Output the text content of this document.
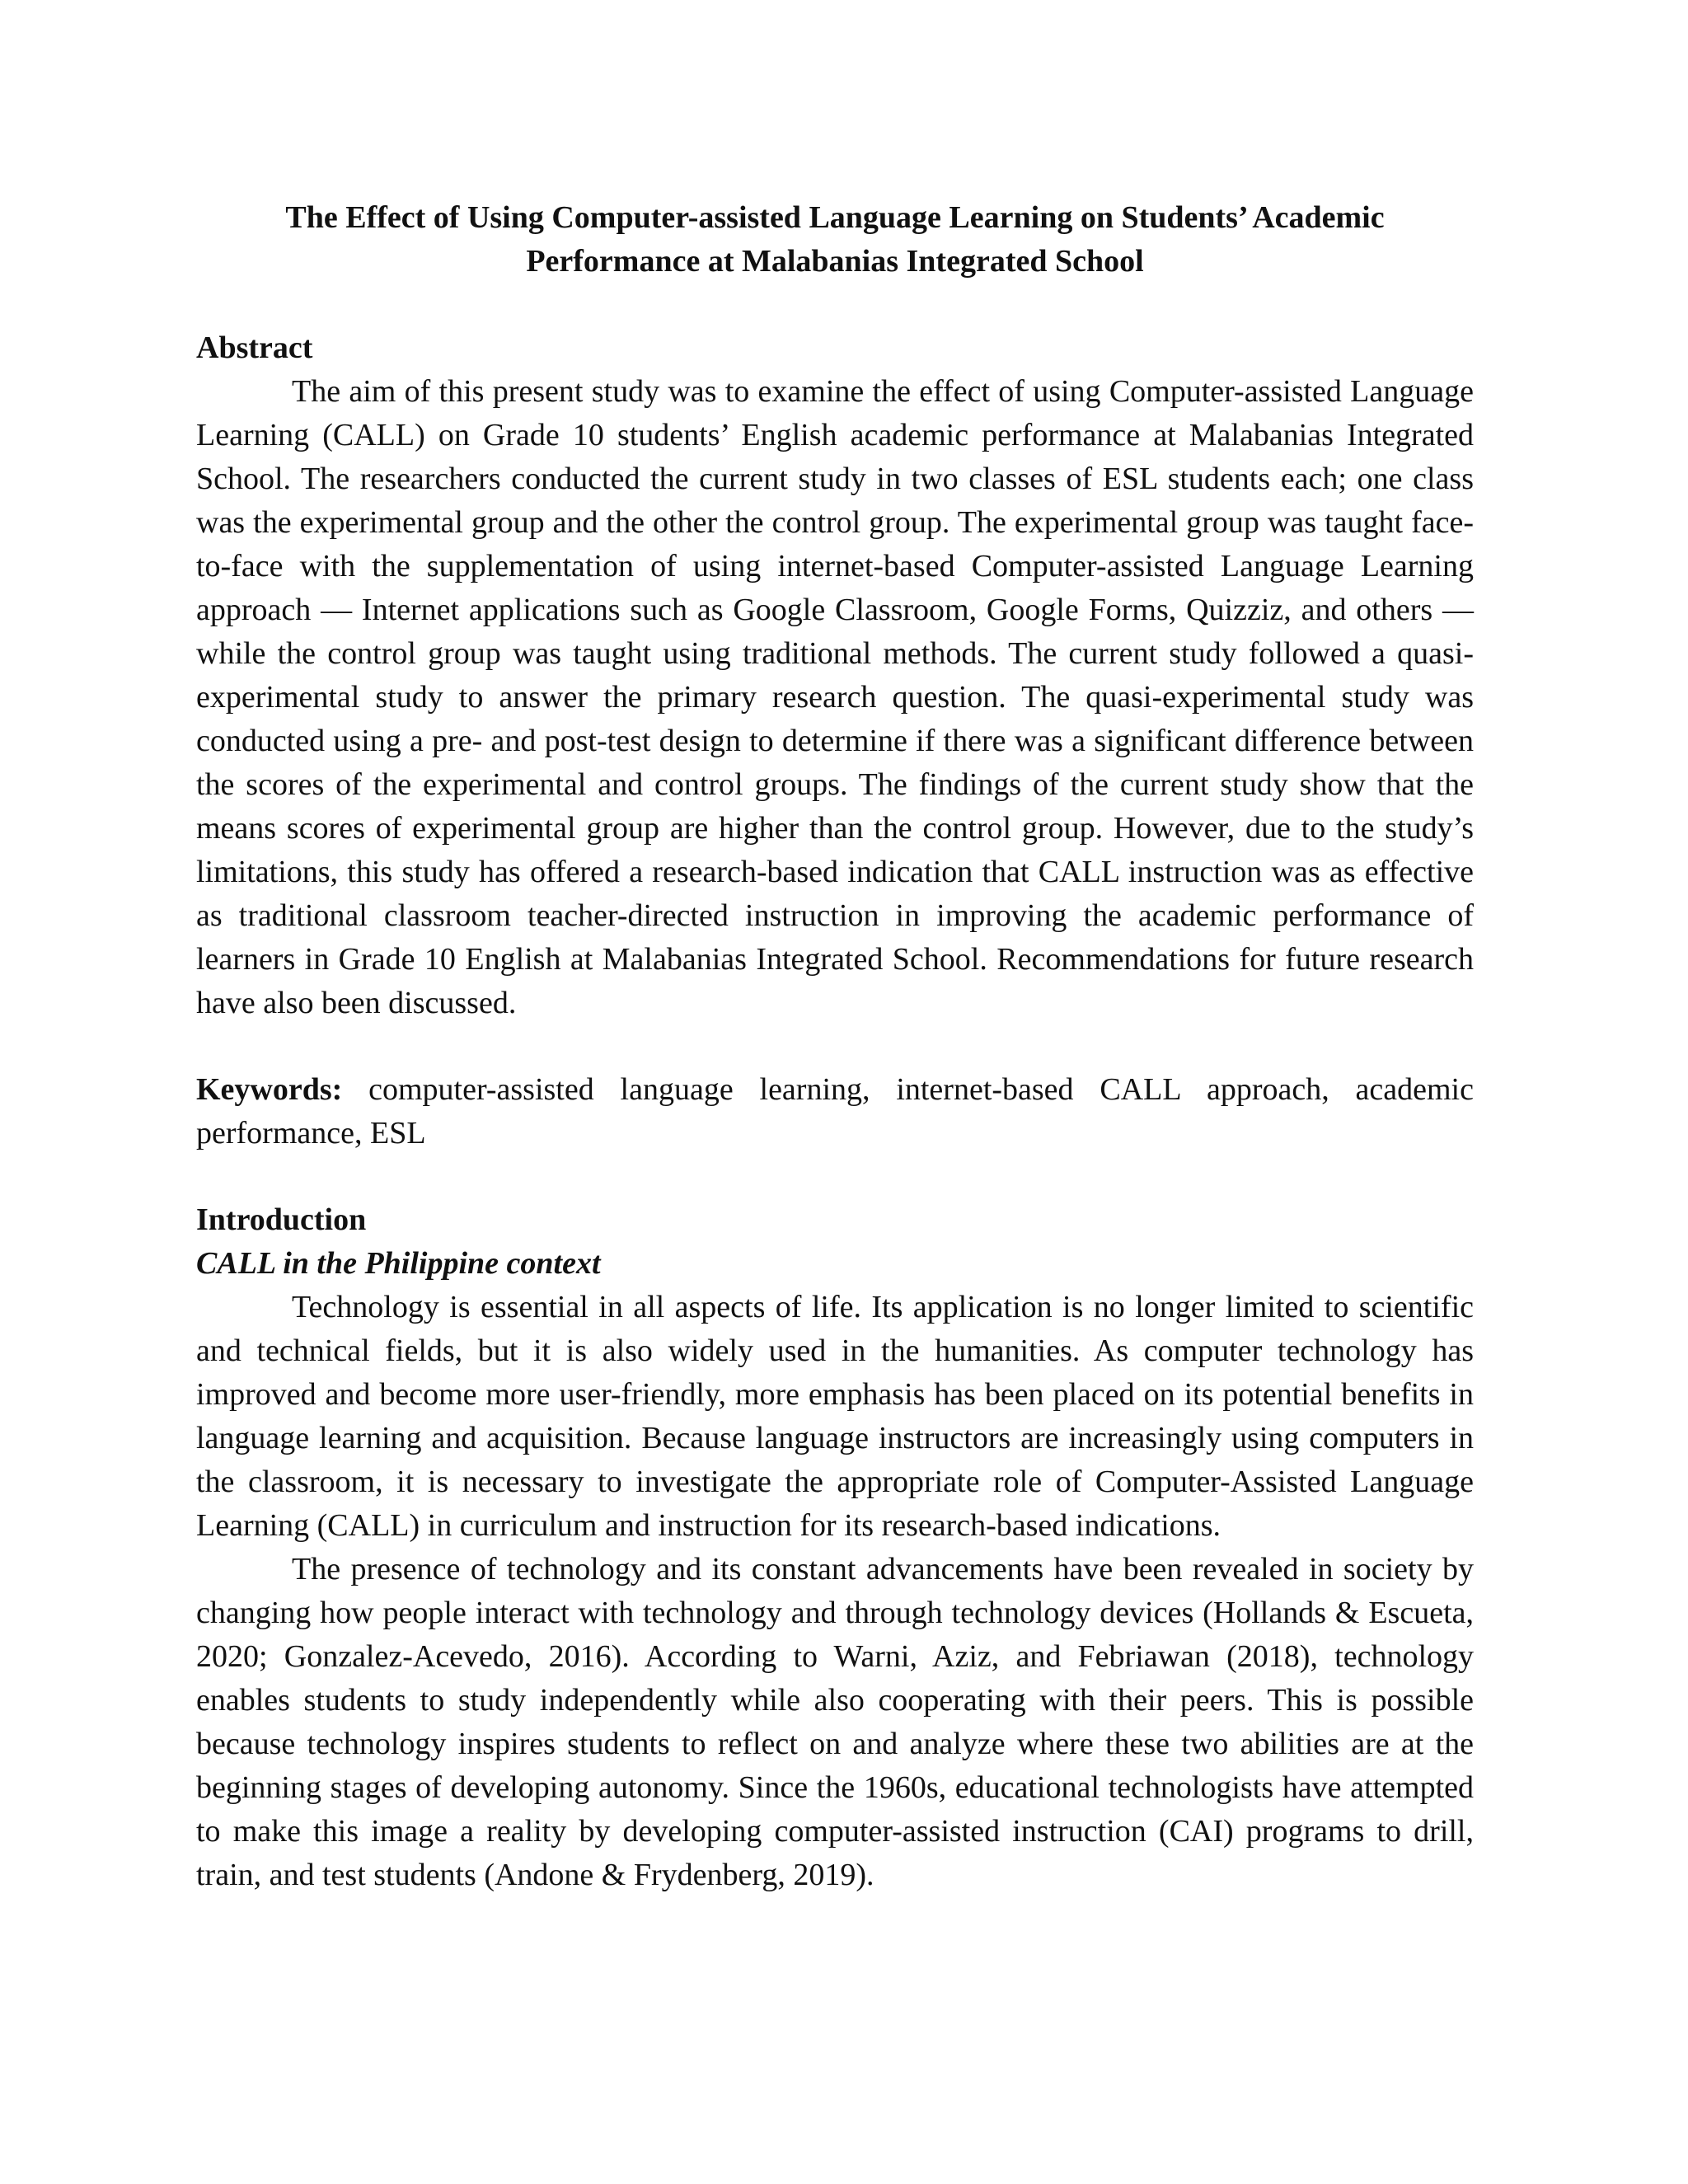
The Effect of Using Computer-assisted Language Learning on Students’ Academic
Performance at Malabanias Integrated School
Abstract

The aim of this present study was to examine the effect of using Computer-assisted Language Learning (CALL) on Grade 10 students’ English academic performance at Malabanias Integrated School. The researchers conducted the current study in two classes of ESL students each; one class was the experimental group and the other the control group. The experimental group was taught face-to-face with the supplementation of using internet-based Computer-assisted Language Learning approach — Internet applications such as Google Classroom, Google Forms, Quizziz, and others —while the control group was taught using traditional methods. The current study followed a quasi-experimental study to answer the primary research question. The quasi-experimental study was conducted using a pre- and post-test design to determine if there was a significant difference between the scores of the experimental and control groups. The findings of the current study show that the means scores of experimental group are higher than the control group. However, due to the study’s limitations, this study has offered a research-based indication that CALL instruction was as effective as traditional classroom teacher-directed instruction in improving the academic performance of learners in Grade 10 English at Malabanias Integrated School. Recommendations for future research have also been discussed.

Keywords: computer-assisted language learning, internet-based CALL approach, academic performance, ESL

Introduction
CALL in the Philippine context

Technology is essential in all aspects of life. Its application is no longer limited to scientific and technical fields, but it is also widely used in the humanities. As computer technology has improved and become more user-friendly, more emphasis has been placed on its potential benefits in language learning and acquisition. Because language instructors are increasingly using computers in the classroom, it is necessary to investigate the appropriate role of Computer-Assisted Language Learning (CALL) in curriculum and instruction for its research-based indications.

The presence of technology and its constant advancements have been revealed in society by changing how people interact with technology and through technology devices (Hollands & Escueta, 2020; Gonzalez-Acevedo, 2016). According to Warni, Aziz, and Febriawan (2018), technology enables students to study independently while also cooperating with their peers. This is possible because technology inspires students to reflect on and analyze where these two abilities are at the beginning stages of developing autonomy. Since the 1960s, educational technologists have attempted to make this image a reality by developing computer-assisted instruction (CAI) programs to drill, train, and test students (Andone & Frydenberg, 2019).
